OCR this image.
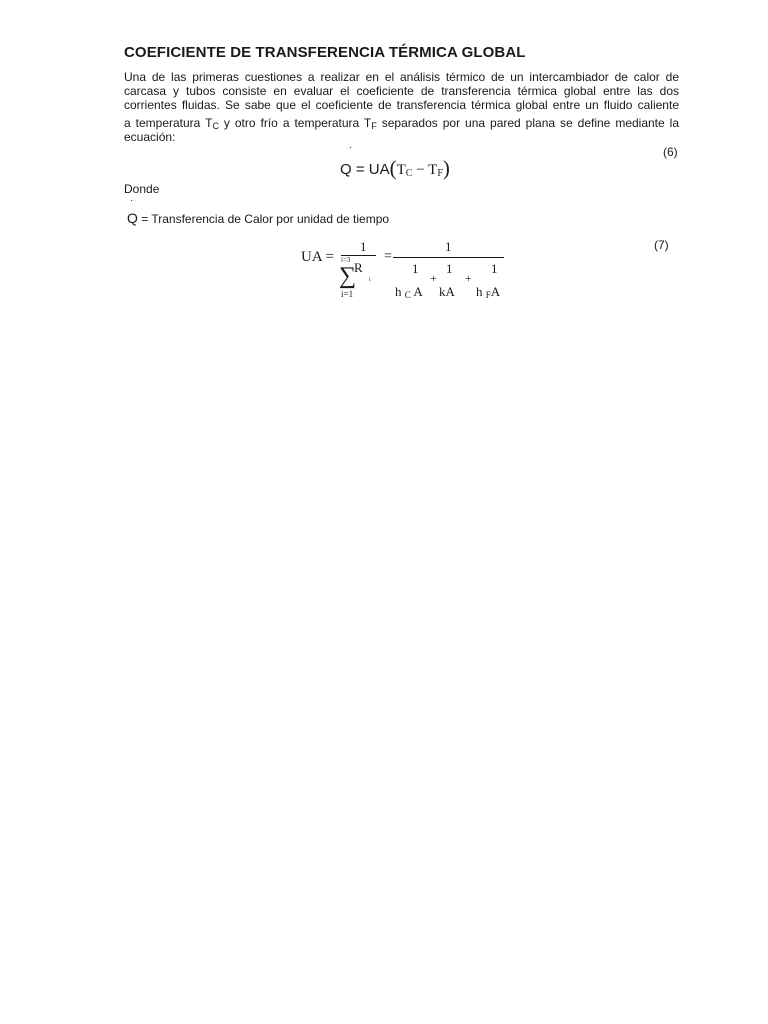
COEFICIENTE DE TRANSFERENCIA TÉRMICA GLOBAL
Una de las primeras cuestiones a realizar en el análisis térmico de un intercambiador de calor de
carcasa y tubos consiste en evaluar el coeficiente de transferencia térmica global entre las dos
corrientes fluidas. Se sabe que el coeficiente de transferencia térmica global entre un fluido caliente
a temperatura TC y otro frío a temperatura TF separados por una pared plana se define mediante la
ecuación:
·
Q = UA(TC − TF)
(6)
Donde
·
Q = Transferencia de Calor por unidad de tiempo
UA =
1
i=3
∑
R
i
i=1
=
1
1
h C A
+
1
kA
+
1
h FA
(7)
